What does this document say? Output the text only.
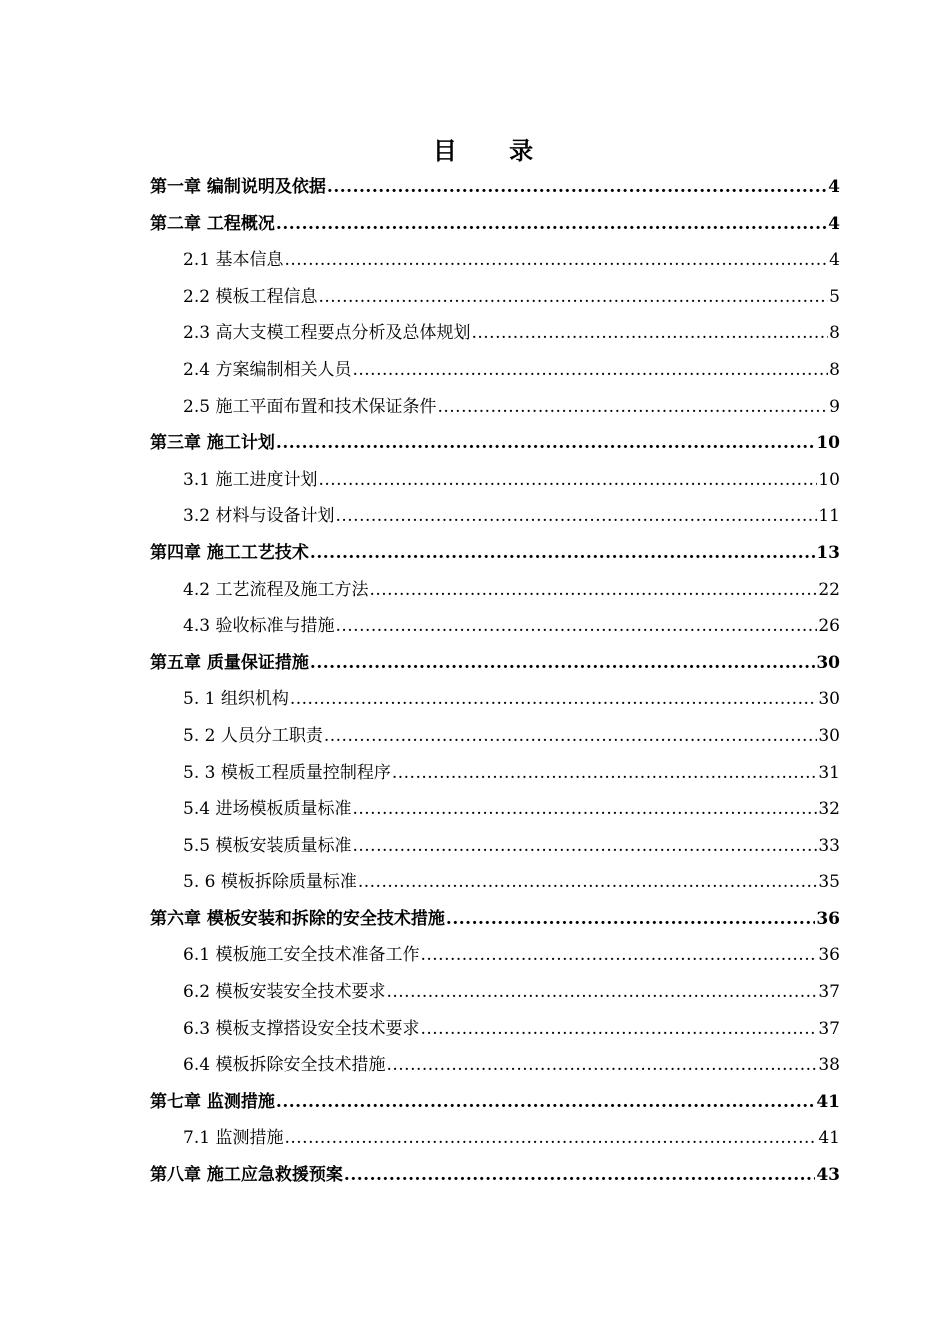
目 录
第一章 编制说明及依据 .....	4
第二章 工程概况 .....	4
2.1 基本信息 .....	4
2.2 模板工程信息 .....	5
2.3 高大支模工程要点分析及总体规划 .....	8
2.4 方案编制相关人员 .....	8
2.5 施工平面布置和技术保证条件 .....	9
第三章 施工计划 .....	10
3.1 施工进度计划 .....	10
3.2 材料与设备计划 .....	11
第四章 施工工艺技术 .....	13
4.2 工艺流程及施工方法 .....	22
4.3 验收标准与措施 .....	26
第五章 质量保证措施 .....	30
5. 1 组织机构 .....	30
5. 2 人员分工职责 .....	30
5. 3 模板工程质量控制程序 .....	31
5.4 进场模板质量标准 .....	32
5.5 模板安装质量标准 .....	33
5. 6 模板拆除质量标准 .....	35
第六章 模板安装和拆除的安全技术措施 .....	36
6.1 模板施工安全技术准备工作 .....	36
6.2 模板安装安全技术要求 .....	37
6.3 模板支撑搭设安全技术要求 .....	37
6.4 模板拆除安全技术措施 .....	38
第七章 监测措施 .....	41
7.1 监测措施 .....	41
第八章 施工应急救援预案 .....	43
